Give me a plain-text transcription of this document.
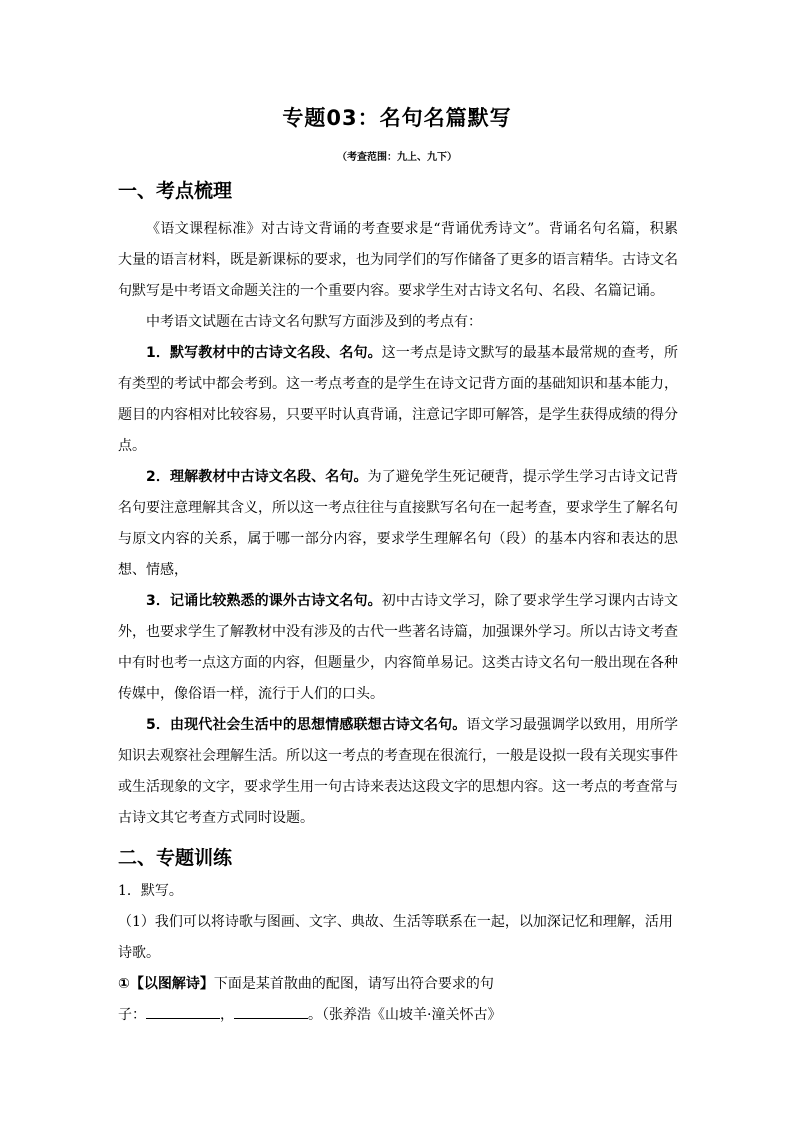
专题03：名句名篇默写
（考查范围：九上、九下）
一、考点梳理
《语文课程标准》对古诗文背诵的考查要求是“背诵优秀诗文”。背诵名句名篇，积累大量的语言材料，既是新课标的要求，也为同学们的写作储备了更多的语言精华。古诗文名句默写是中考语文命题关注的一个重要内容。要求学生对古诗文名句、名段、名篇记诵。
中考语文试题在古诗文名句默写方面涉及到的考点有：
1．默写教材中的古诗文名段、名句。这一考点是诗文默写的最基本最常规的查考，所有类型的考试中都会考到。这一考点考查的是学生在诗文记背方面的基础知识和基本能力，题目的内容相对比较容易，只要平时认真背诵，注意记字即可解答，是学生获得成绩的得分点。
2．理解教材中古诗文名段、名句。为了避免学生死记硬背，提示学生学习古诗文记背名句要注意理解其含义，所以这一考点往往与直接默写名句在一起考查，要求学生了解名句与原文内容的关系，属于哪一部分内容，要求学生理解名句（段）的基本内容和表达的思想、情感，
3．记诵比较熟悉的课外古诗文名句。初中古诗文学习，除了要求学生学习课内古诗文外，也要求学生了解教材中没有涉及的古代一些著名诗篇，加强课外学习。所以古诗文考查中有时也考一点这方面的内容，但题量少，内容简单易记。这类古诗文名句一般出现在各种传媒中，像俗语一样，流行于人们的口头。
5．由现代社会生活中的思想情感联想古诗文名句。语文学习最强调学以致用，用所学知识去观察社会理解生活。所以这一考点的考查现在很流行，一般是设拟一段有关现实事件或生活现象的文字，要求学生用一句古诗来表达这段文字的思想内容。这一考点的考查常与古诗文其它考查方式同时设题。
二、专题训练
1．默写。
（1）我们可以将诗歌与图画、文字、典故、生活等联系在一起，以加深记忆和理解，活用诗歌。
①【以图解诗】下面是某首散曲的配图，请写出符合要求的句
子：	，	。（张养浩《山坡羊·潼关怀古》
